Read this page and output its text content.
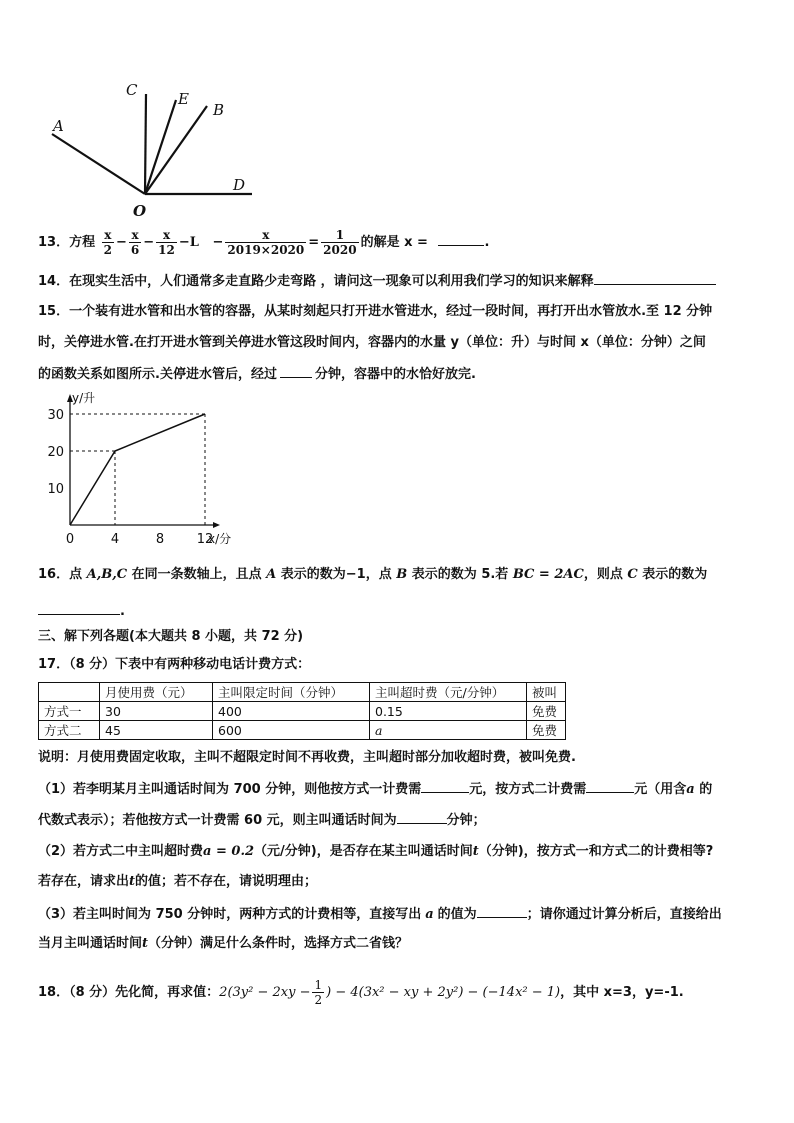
A
C	E
B
D
O
13．方程 $\frac{x}{2} - \frac{x}{6} - \frac{x}{12} -L - \frac{x}{2019\times 2020} = \frac{1}{2020}$ 的解是 x =	.
14．在现实生活中，人们通常多走直路少走弯路 ，请问这一现象可以利用我们学习的知识来解释
15．一个装有进水管和出水管的容器，从某时刻起只打开进水管进水，经过一段时间，再打开出水管放水.至 12 分钟
时，关停进水管.在打开进水管到关停进水管这段时间内，容器内的水量 y（单位：升）与时间 x（单位：分钟）之间
的函数关系如图所示.关停进水管后，经过	分钟，容器中的水恰好放完.
10
20
30
0	4	8	12
y/升
x/分
16．点 A,B,C 在同一条数轴上，且点 A 表示的数为−1，点 B 表示的数为 5.若 BC = 2AC，则点 C 表示的数为
.
三、解下列各题(本大题共 8 小题，共 72 分)
17．（8 分）下表中有两种移动电话计费方式：
	月使用费（元）	主叫限定时间（分钟）	主叫超时费（元/分钟）	被叫
方式一	30	400	0.15	免费
方式二	45	600	a	免费
说明：月使用费固定收取，主叫不超限定时间不再收费，主叫超时部分加收超时费，被叫免费.
（1）若李明某月主叫通话时间为 700 分钟，则他按方式一计费需	元，按方式二计费需	元（用含a 的
代数式表示）；若他按方式一计费需 60 元，则主叫通话时间为	分钟；
（2）若方式二中主叫超时费a = 0.2（元/分钟)，是否存在某主叫通话时间t（分钟)，按方式一和方式二的计费相等?
若存在，请求出t的值；若不存在，请说明理由；
（3）若主叫时间为 750 分钟时，两种方式的计费相等，直接写出 a 的值为	；请你通过计算分析后，直接给出
当月主叫通话时间t（分钟）满足什么条件时，选择方式二省钱？
18．（8 分）先化简，再求值：$2(3y^2 - 2xy - \frac{1}{2}$ ) − 4(3x² − xy + 2y²) − (−14x² − 1)，其中 x=3，y=-1.
